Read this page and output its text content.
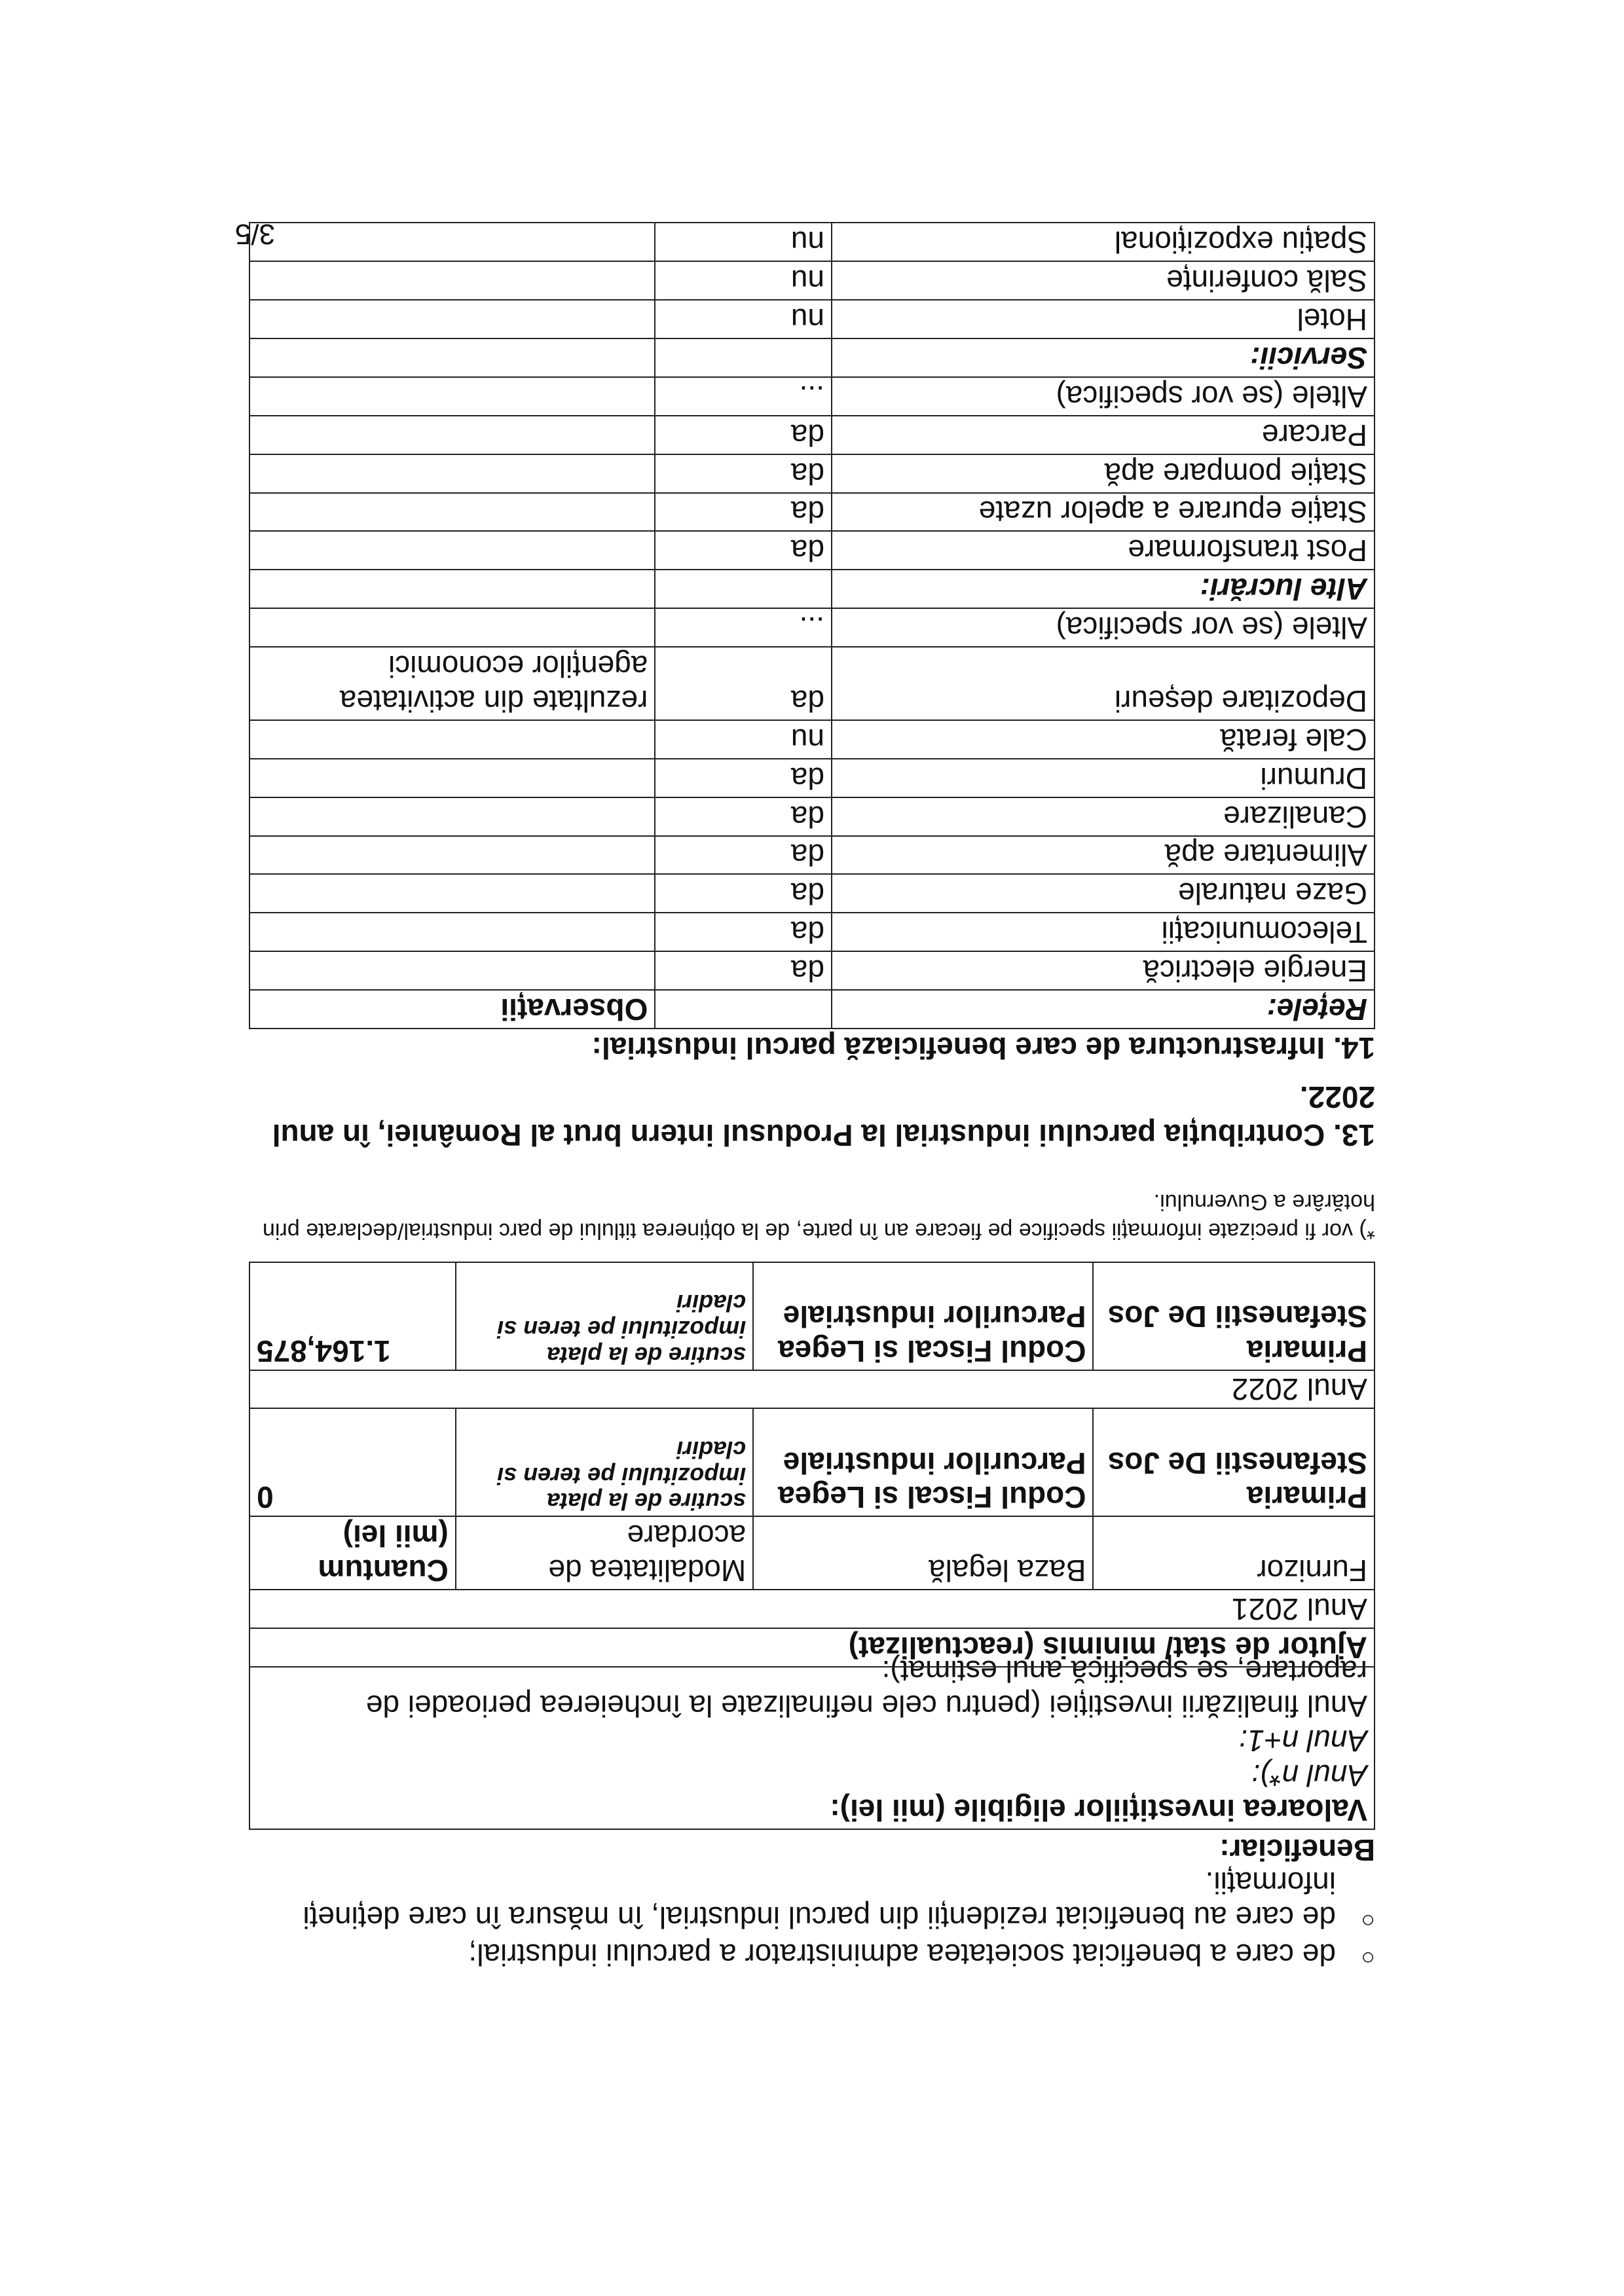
○ de care a beneficiat societatea administrator a parcului industrial;
○ de care au beneficiat rezidenții din parcul industrial, în măsura în care dețineți informații.
Beneficiar:
Valoarea investițiilor eligibile (mii lei):
Anul n*):
Anul n+1:
Anul finalizării investiției (pentru cele nefinalizate la încheierea perioadei de raportare, se specifică anul estimat):
Ajutor de stat/ minimis (reactualizat)			
Anul 2021			
Furnizor	Baza legală	Modalitatea de acordare	Cuantum (mii lei)
Primaria Stefanestii De Jos	Codul Fiscal si Legea Parcurilor industriale	scutire de la plata impozitului pe teren si cladiri	0
Anul 2022			
Primaria Stefanestii De Jos	Codul Fiscal si Legea Parcurilor industriale	scutire de la plata impozitului pe teren si cladiri	1.164,875
*) vor fi precizate informații specifice pe fiecare an în parte, de la obținerea titlului de parc industrial/declarate prin hotărâre a Guvernului.
13. Contribuția parcului industrial la Produsul intern brut al României, în anul 2022.
14. Infrastructura de care beneficiază parcul industrial:
Rețele:		Observații
Energie electrică	da	
Telecomunicații	da	
Gaze naturale	da	
Alimentare apă	da	
Canalizare	da	
Drumuri	da	
Cale ferată	nu	
Depozitare deșeuri	da	rezultate din activitatea agenților economici
Altele (se vor specifica)	...	
Alte lucrări:		
Post transformare	da	
Stație epurare a apelor uzate	da	
Stație pompare apă	da	
Parcare	da	
Altele (se vor specifica)	...	
Servicii:		
Hotel	nu	
Sală conferințe	nu	
Spațiu expozițional	nu	
3/5
